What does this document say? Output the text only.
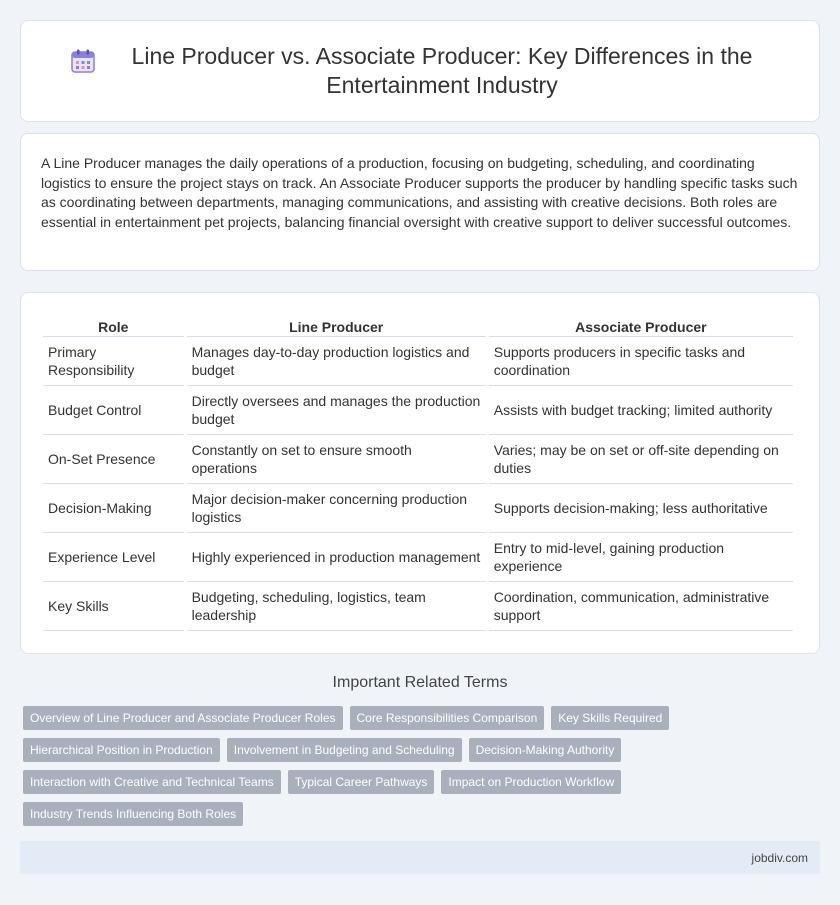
Line Producer vs. Associate Producer: Key Differences in the Entertainment Industry

A Line Producer manages the daily operations of a production, focusing on budgeting, scheduling, and coordinating logistics to ensure the project stays on track. An Associate Producer supports the producer by handling specific tasks such as coordinating between departments, managing communications, and assisting with creative decisions. Both roles are essential in entertainment pet projects, balancing financial oversight with creative support to deliver successful outcomes.

Role	Line Producer	Associate Producer
Primary Responsibility	Manages day-to-day production logistics and budget	Supports producers in specific tasks and coordination
Budget Control	Directly oversees and manages the production budget	Assists with budget tracking; limited authority
On-Set Presence	Constantly on set to ensure smooth operations	Varies; may be on set or off-site depending on duties
Decision-Making	Major decision-maker concerning production logistics	Supports decision-making; less authoritative
Experience Level	Highly experienced in production management	Entry to mid-level, gaining production experience
Key Skills	Budgeting, scheduling, logistics, team leadership	Coordination, communication, administrative support
Important Related Terms
Overview of Line Producer and Associate Producer Roles	Core Responsibilities Comparison	Key Skills Required
Hierarchical Position in Production	Involvement in Budgeting and Scheduling	Decision-Making Authority
Interaction with Creative and Technical Teams	Typical Career Pathways	Impact on Production Workflow
Industry Trends Influencing Both Roles
jobdiv.com
